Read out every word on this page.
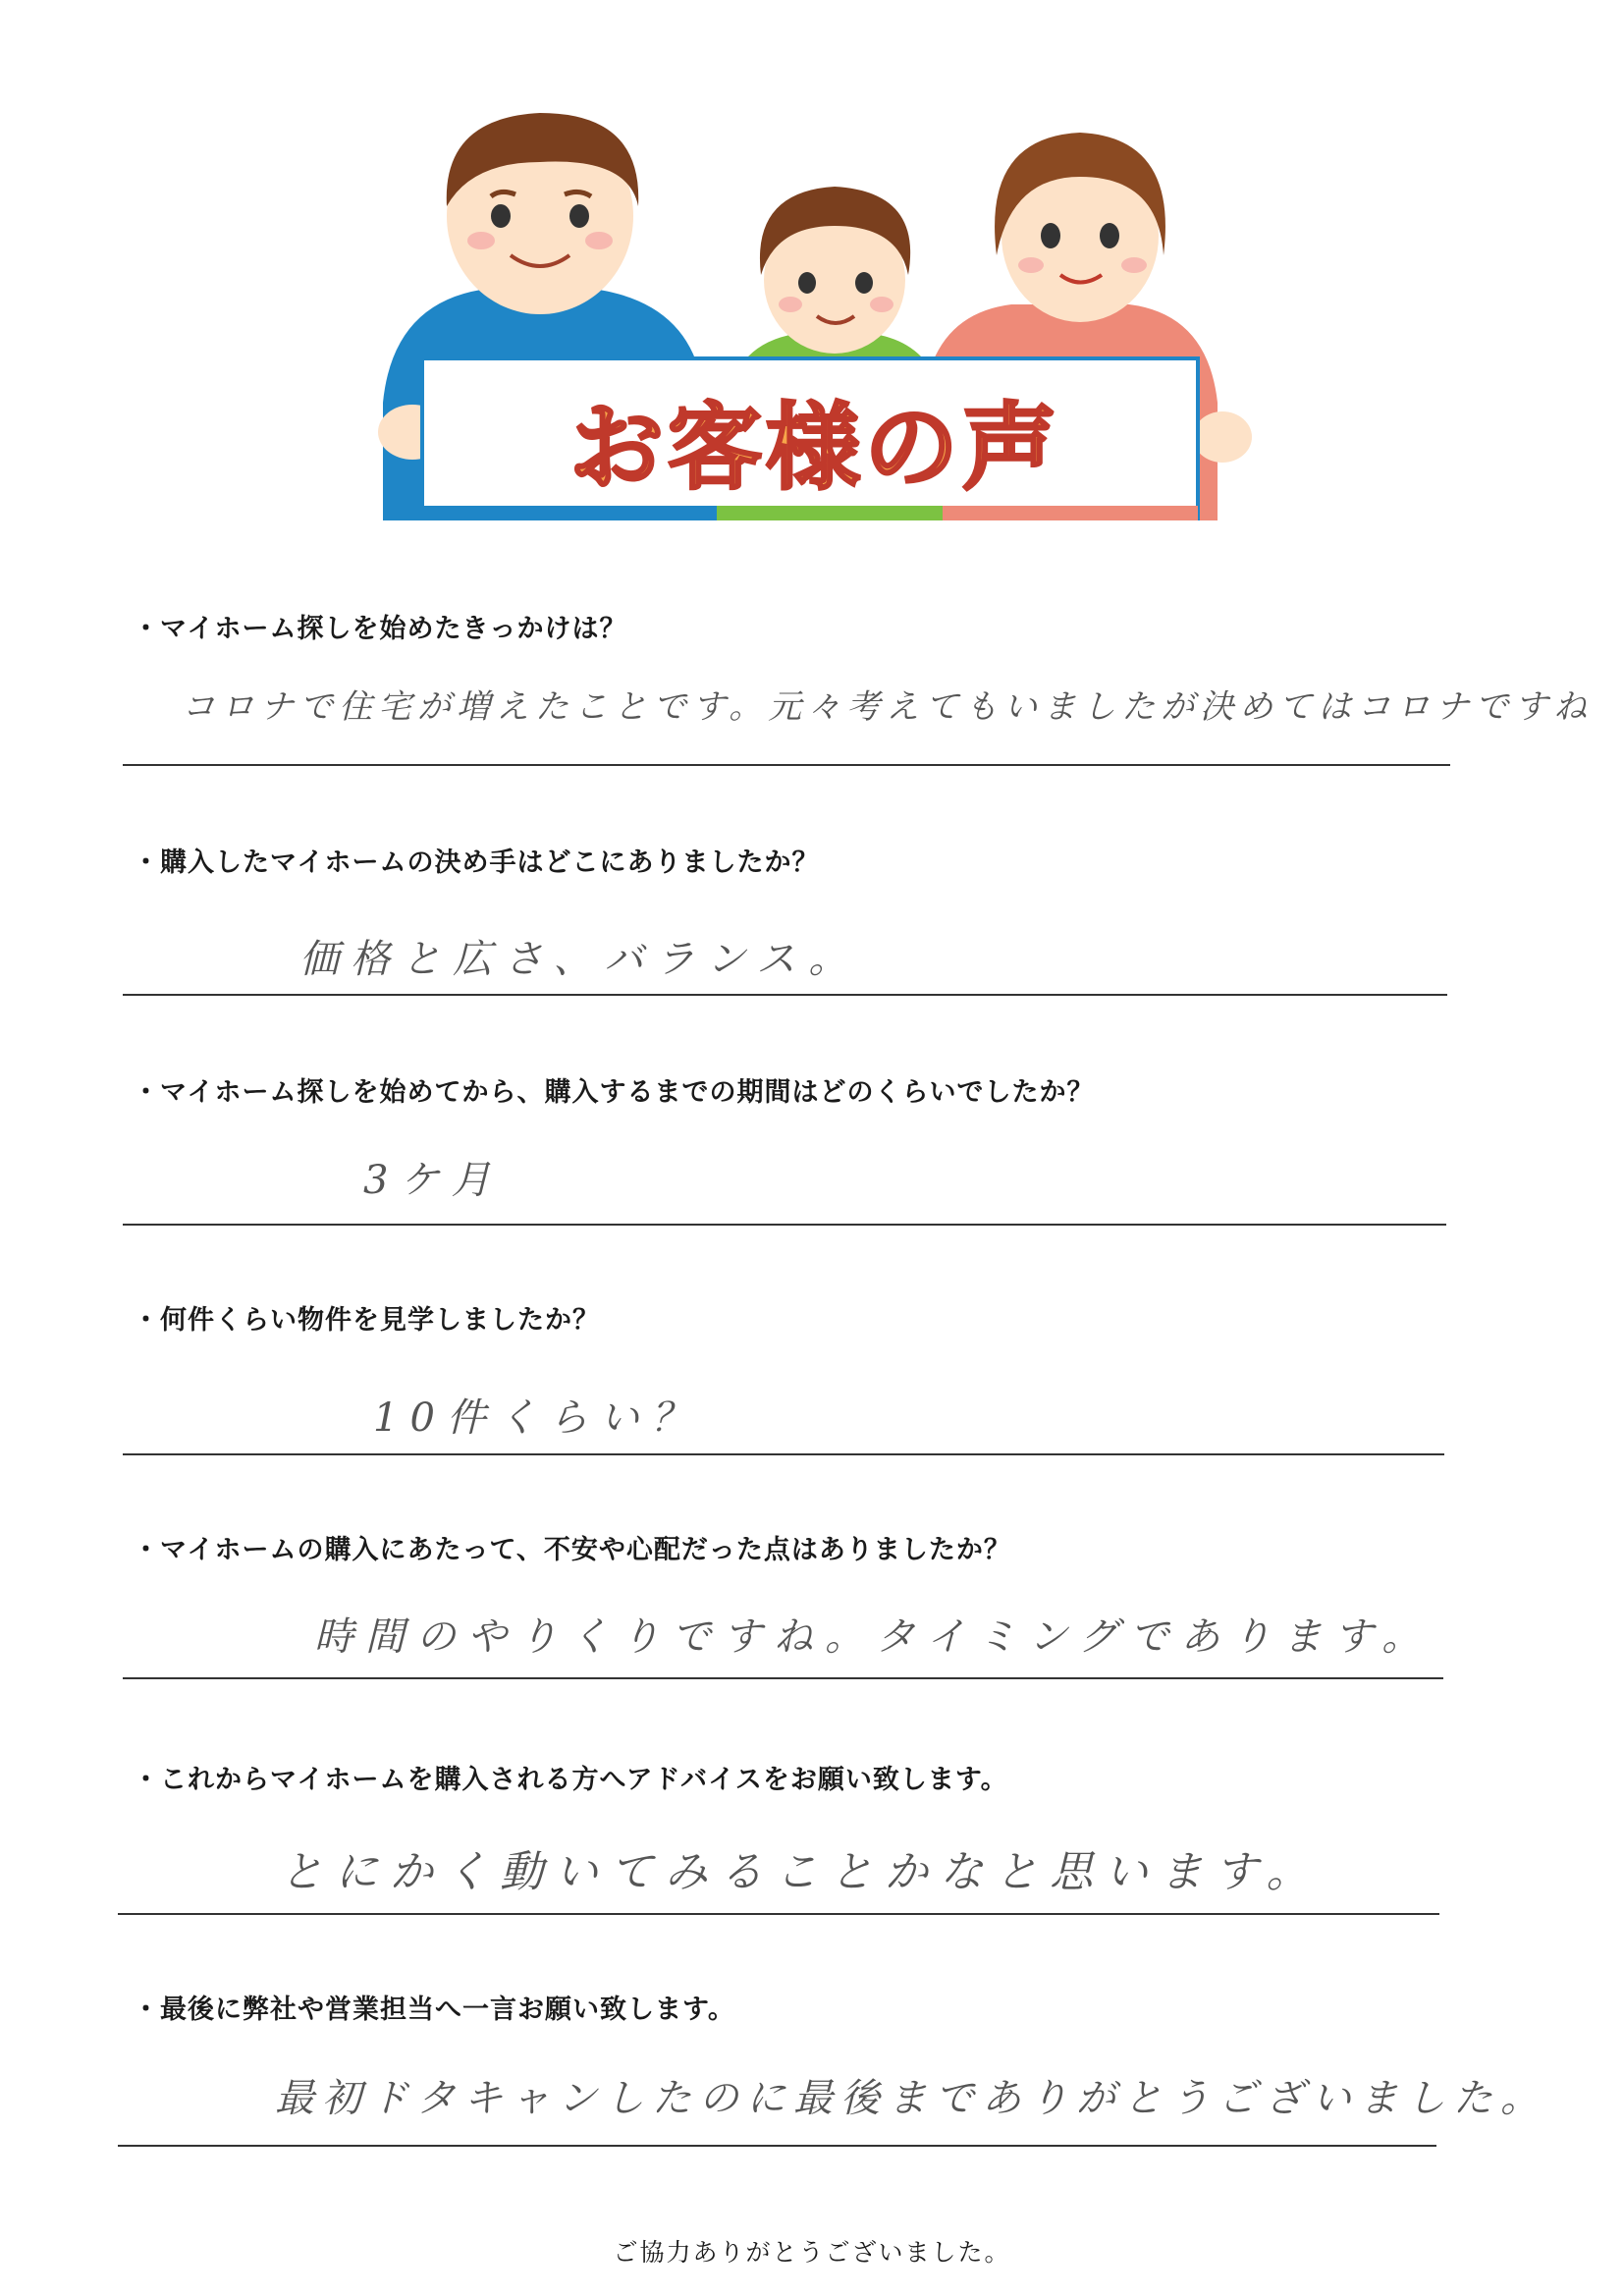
お客様の声
・マイホーム探しを始めたきっかけは？
コロナで住宅が増えたことです。元々考えてもいましたが決めてはコロナですね
・購入したマイホームの決め手はどこにありましたか？
価格と広さ、バランス。
・マイホーム探しを始めてから、購入するまでの期間はどのくらいでしたか？
3ケ月
・何件くらい物件を見学しましたか？
10件くらい？
・マイホームの購入にあたって、不安や心配だった点はありましたか？
時間のやりくりですね。タイミングであります。
・これからマイホームを購入される方へアドバイスをお願い致します。
とにかく動いてみることかなと思います。
・最後に弊社や営業担当へ一言お願い致します。
最初ドタキャンしたのに最後までありがとうございました。
ご協力ありがとうございました。
